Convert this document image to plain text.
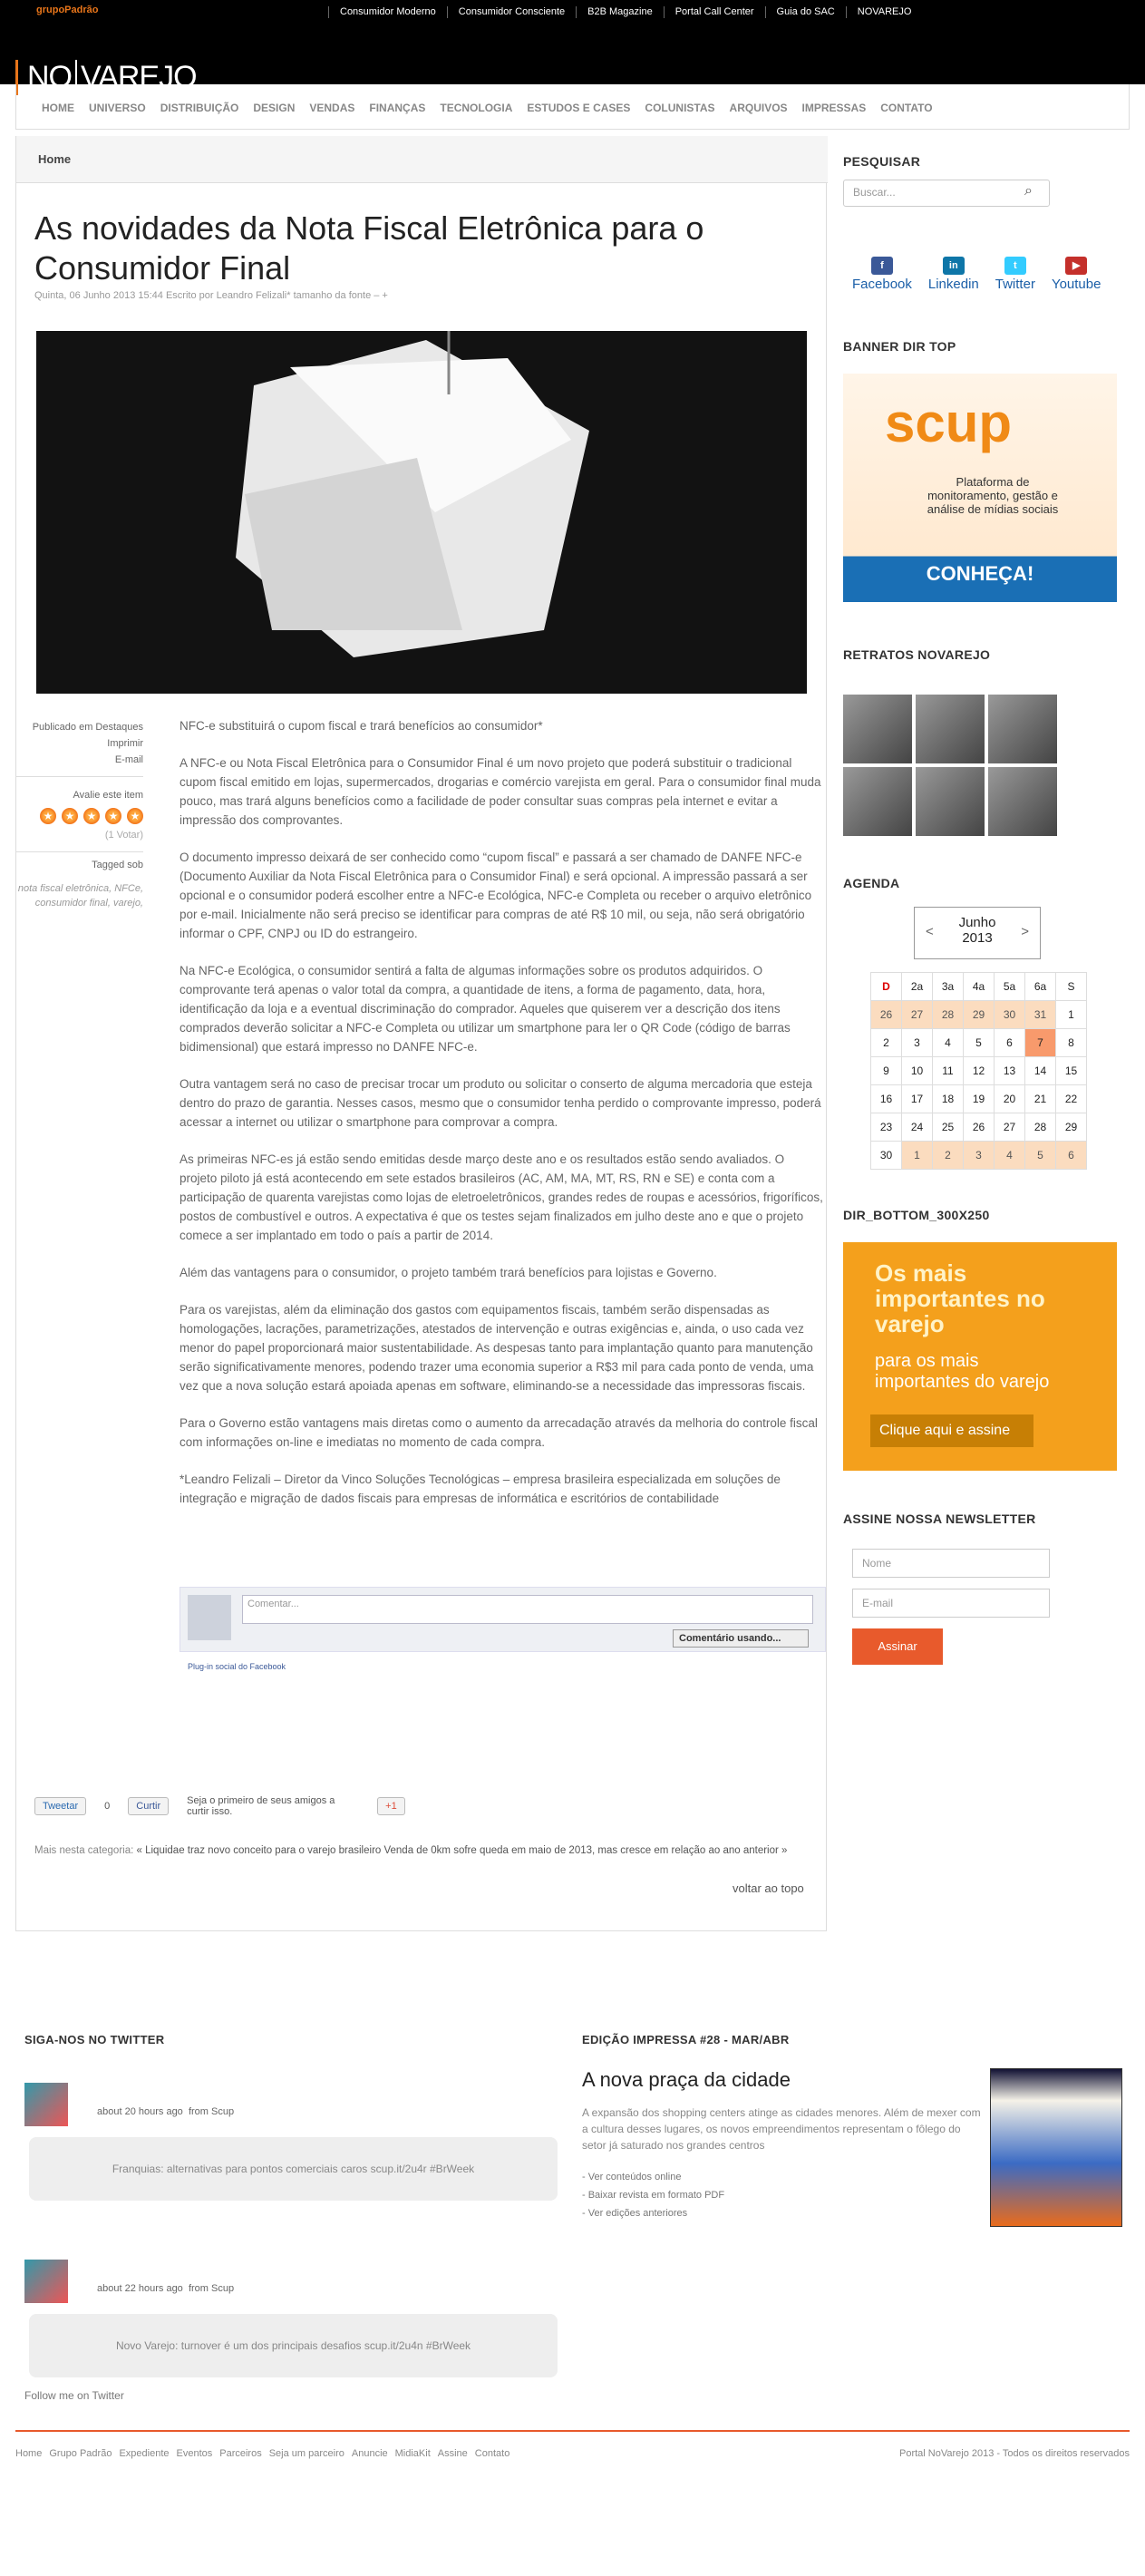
grupoPadrão	Consumidor Moderno	Consumidor Consciente	B2B Magazine	Portal Call Center	Guia do SAC	NOVAREJO
NO VAREJO
HOME UNIVERSO DISTRIBUIÇÃO DESIGN VENDAS FINANÇAS TECNOLOGIA ESTUDOS E CASES COLUNISTAS ARQUIVOS IMPRESSAS CONTATO
Home
As novidades da Nota Fiscal Eletrônica para o Consumidor Final
Quinta, 06 Junho 2013 15:44 Escrito por Leandro Felizali* tamanho da fonte – +
Publicado em Destaques
Imprimir
E-mail
Avalie este item
★	★	★	★	★
(1 Votar)
Tagged sob
nota fiscal eletrônica, NFCe, consumidor final, varejo,

NFC-e substituirá o cupom fiscal e trará benefícios ao consumidor*

A NFC-e ou Nota Fiscal Eletrônica para o Consumidor Final é um novo projeto que poderá substituir o tradicional cupom fiscal emitido em lojas, supermercados, drogarias e comércio varejista em geral. Para o consumidor final muda pouco, mas trará alguns benefícios como a facilidade de poder consultar suas compras pela internet e evitar a impressão dos comprovantes.

O documento impresso deixará de ser conhecido como “cupom fiscal” e passará a ser chamado de DANFE NFC-e (Documento Auxiliar da Nota Fiscal Eletrônica para o Consumidor Final) e será opcional. A impressão passará a ser opcional e o consumidor poderá escolher entre a NFC-e Ecológica, NFC-e Completa ou receber o arquivo eletrônico por e-mail. Inicialmente não será preciso se identificar para compras de até R$ 10 mil, ou seja, não será obrigatório informar o CPF, CNPJ ou ID do estrangeiro.

Na NFC-e Ecológica, o consumidor sentirá a falta de algumas informações sobre os produtos adquiridos. O comprovante terá apenas o valor total da compra, a quantidade de itens, a forma de pagamento, data, hora, identificação da loja e a eventual discriminação do comprador. Aqueles que quiserem ver a descrição dos itens comprados deverão solicitar a NFC-e Completa ou utilizar um smartphone para ler o QR Code (código de barras bidimensional) que estará impresso no DANFE NFC-e.

Outra vantagem será no caso de precisar trocar um produto ou solicitar o conserto de alguma mercadoria que esteja dentro do prazo de garantia. Nesses casos, mesmo que o consumidor tenha perdido o comprovante impresso, poderá acessar a internet ou utilizar o smartphone para comprovar a compra.

As primeiras NFC-es já estão sendo emitidas desde março deste ano e os resultados estão sendo avaliados. O projeto piloto já está acontecendo em sete estados brasileiros (AC, AM, MA, MT, RS, RN e SE) e conta com a participação de quarenta varejistas como lojas de eletroeletrônicos, grandes redes de roupas e acessórios, frigoríficos, postos de combustível e outros. A expectativa é que os testes sejam finalizados em julho deste ano e que o projeto comece a ser implantado em todo o país a partir de 2014.

Além das vantagens para o consumidor, o projeto também trará benefícios para lojistas e Governo.

Para os varejistas, além da eliminação dos gastos com equipamentos fiscais, também serão dispensadas as homologações, lacrações, parametrizações, atestados de intervenção e outras exigências e, ainda, o uso cada vez menor do papel proporcionará maior sustentabilidade. As despesas tanto para implantação quanto para manutenção serão significativamente menores, podendo trazer uma economia superior a R$3 mil para cada ponto de venda, uma vez que a nova solução estará apoiada apenas em software, eliminando-se a necessidade das impressoras fiscais.

Para o Governo estão vantagens mais diretas como o aumento da arrecadação através da melhoria do controle fiscal com informações on-line e imediatas no momento de cada compra.

*Leandro Felizali – Diretor da Vinco Soluções Tecnológicas – empresa brasileira especializada em soluções de integração e migração de dados fiscais para empresas de informática e escritórios de contabilidade

Comentar...
Comentário usando...
Plug-in social do Facebook
Tweetar	0	Curtir	Seja o primeiro de seus amigos a curtir isso.	+1
Mais nesta categoria: « Liquidae traz novo conceito para o varejo brasileiro Venda de 0km sofre queda em maio de 2013, mas cresce em relação ao ano anterior »
voltar ao topo
PESQUISAR
Buscar...	⌕
f
Facebook
in
Linkedin
t
Twitter
▶
Youtube
BANNER DIR TOP
scup
Plataforma de monitoramento, gestão e análise de mídias sociais
CONHEÇA!
RETRATOS NOVAREJO
AGENDA
<
Junho
2013	>
D	2a	3a	4a	5a	6a	S
26	27	28	29	30	31	1
2	3	4	5	6	7	8
9	10	11	12	13	14	15
16	17	18	19	20	21	22
23	24	25	26	27	28	29
30	1	2	3	4	5	6
DIR_BOTTOM_300X250
Os mais importantes no varejo
para os mais importantes do varejo
Clique aqui e assine
ASSINE NOSSA NEWSLETTER
Nome
E-mail
Assinar
SIGA-NOS NO TWITTER
about 20 hours ago from Scup
Franquias: alternativas para pontos comerciais caros scup.it/2u4r #BrWeek
about 22 hours ago from Scup
Novo Varejo: turnover é um dos principais desafios scup.it/2u4n #BrWeek
Follow me on Twitter
EDIÇÃO IMPRESSA #28 - MAR/ABR
A nova praça da cidade
A expansão dos shopping centers atinge as cidades menores. Além de mexer com a cultura desses lugares, os novos empreendimentos representam o fôlego do setor já saturado nos grandes centros
- Ver conteúdos online
- Baixar revista em formato PDF
- Ver edições anteriores
Home Grupo Padrão Expediente Eventos Parceiros Seja um parceiro Anuncie MidiaKit Assine Contato	Portal NoVarejo 2013 - Todos os direitos reservados
